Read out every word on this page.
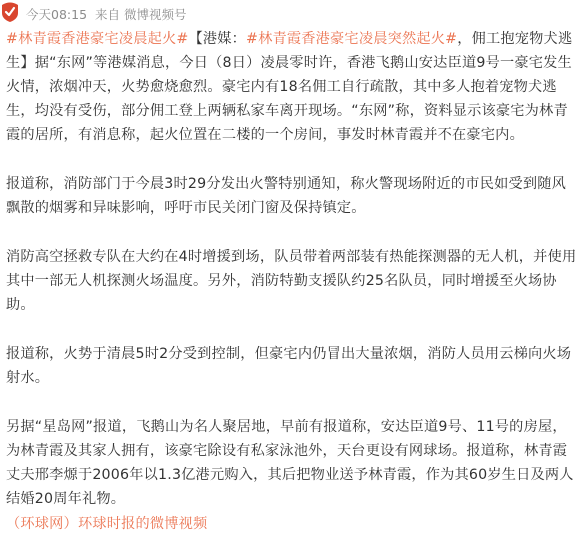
今天08:15 来自 微博视频号

#林青霞香港豪宅凌晨起火#【港媒：#林青霞香港豪宅凌晨突然起火#，佣工抱宠物犬逃生】据“东网”等港媒消息，今日（8日）凌晨零时许，香港飞鹅山安达臣道9号一豪宅发生火情，浓烟冲天，火势愈烧愈烈。豪宅内有18名佣工自行疏散，其中多人抱着宠物犬逃生，均没有受伤，部分佣工登上两辆私家车离开现场。“东网”称，资料显示该豪宅为林青霞的居所，有消息称，起火位置在二楼的一个房间，事发时林青霞并不在豪宅内。

报道称，消防部门于今晨3时29分发出火警特别通知，称火警现场附近的市民如受到随风飘散的烟雾和异味影响，呼吁市民关闭门窗及保持镇定。

消防高空拯救专队在大约在4时增援到场，队员带着两部装有热能探测器的无人机，并使用其中一部无人机探测火场温度。另外，消防特勤支援队约25名队员，同时增援至火场协助。

报道称，火势于清晨5时2分受到控制，但豪宅内仍冒出大量浓烟，消防人员用云梯向火场射水。

另据“星岛网”报道，飞鹅山为名人聚居地，早前有报道称，安达臣道9号、11号的房屋，为林青霞及其家人拥有，该豪宅除设有私家泳池外，天台更设有网球场。报道称，林青霞丈夫邢李㷧于2006年以1.3亿港元购入，其后把物业送予林青霞，作为其60岁生日及两人结婚20周年礼物。

（环球网）环球时报的微博视频
